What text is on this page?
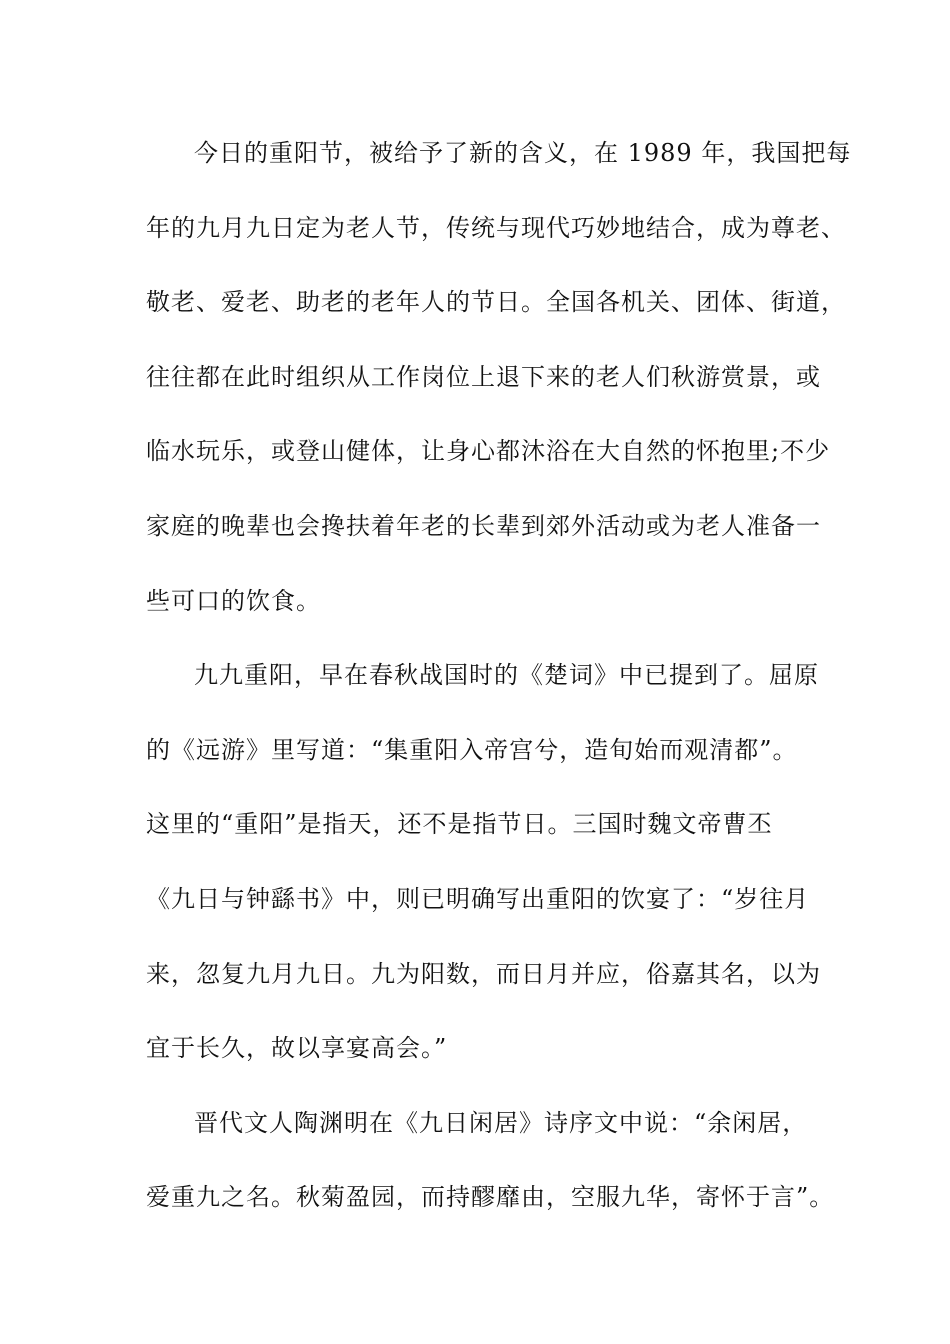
今日的重阳节，被给予了新的含义，在 1989 年，我国把每
年的九月九日定为老人节，传统与现代巧妙地结合，成为尊老、
敬老、爱老、助老的老年人的节日。全国各机关、团体、街道，
往往都在此时组织从工作岗位上退下来的老人们秋游赏景，或
临水玩乐，或登山健体，让身心都沐浴在大自然的怀抱里;不少
家庭的晚辈也会搀扶着年老的长辈到郊外活动或为老人准备一
些可口的饮食。
九九重阳，早在春秋战国时的《楚词》中已提到了。屈原
的《远游》里写道：“集重阳入帝宫兮，造旬始而观清都”。
这里的“重阳”是指天，还不是指节日。三国时魏文帝曹丕
《九日与钟繇书》中，则已明确写出重阳的饮宴了：“岁往月
来，忽复九月九日。九为阳数，而日月并应，俗嘉其名，以为
宜于长久，故以享宴高会。”
晋代文人陶渊明在《九日闲居》诗序文中说：“余闲居，
爱重九之名。秋菊盈园，而持醪靡由，空服九华，寄怀于言”。
